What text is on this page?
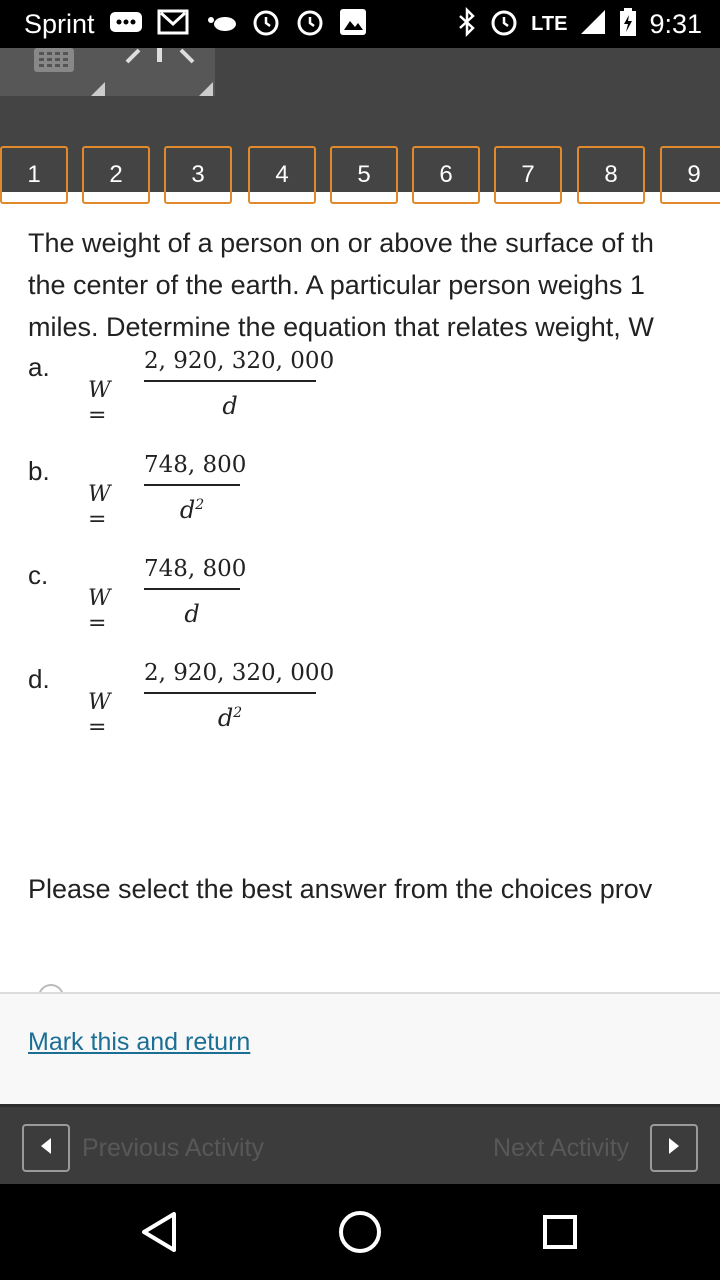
Sprint	LTE	9:31
1	2	3	4	5	6	7	8	9
The weight of a person on or above the surface of th
the center of the earth. A particular person weighs 1
miles. Determine the equation that relates weight, W
a.
W =
2, 920, 320, 000
d
b.
W =
748, 800
$d^2$
c.
W =
748, 800
d
d.
W =
2, 920, 320, 000
$d^2$
Please select the best answer from the choices prov
Mark this and return
Previous Activity	Next Activity
